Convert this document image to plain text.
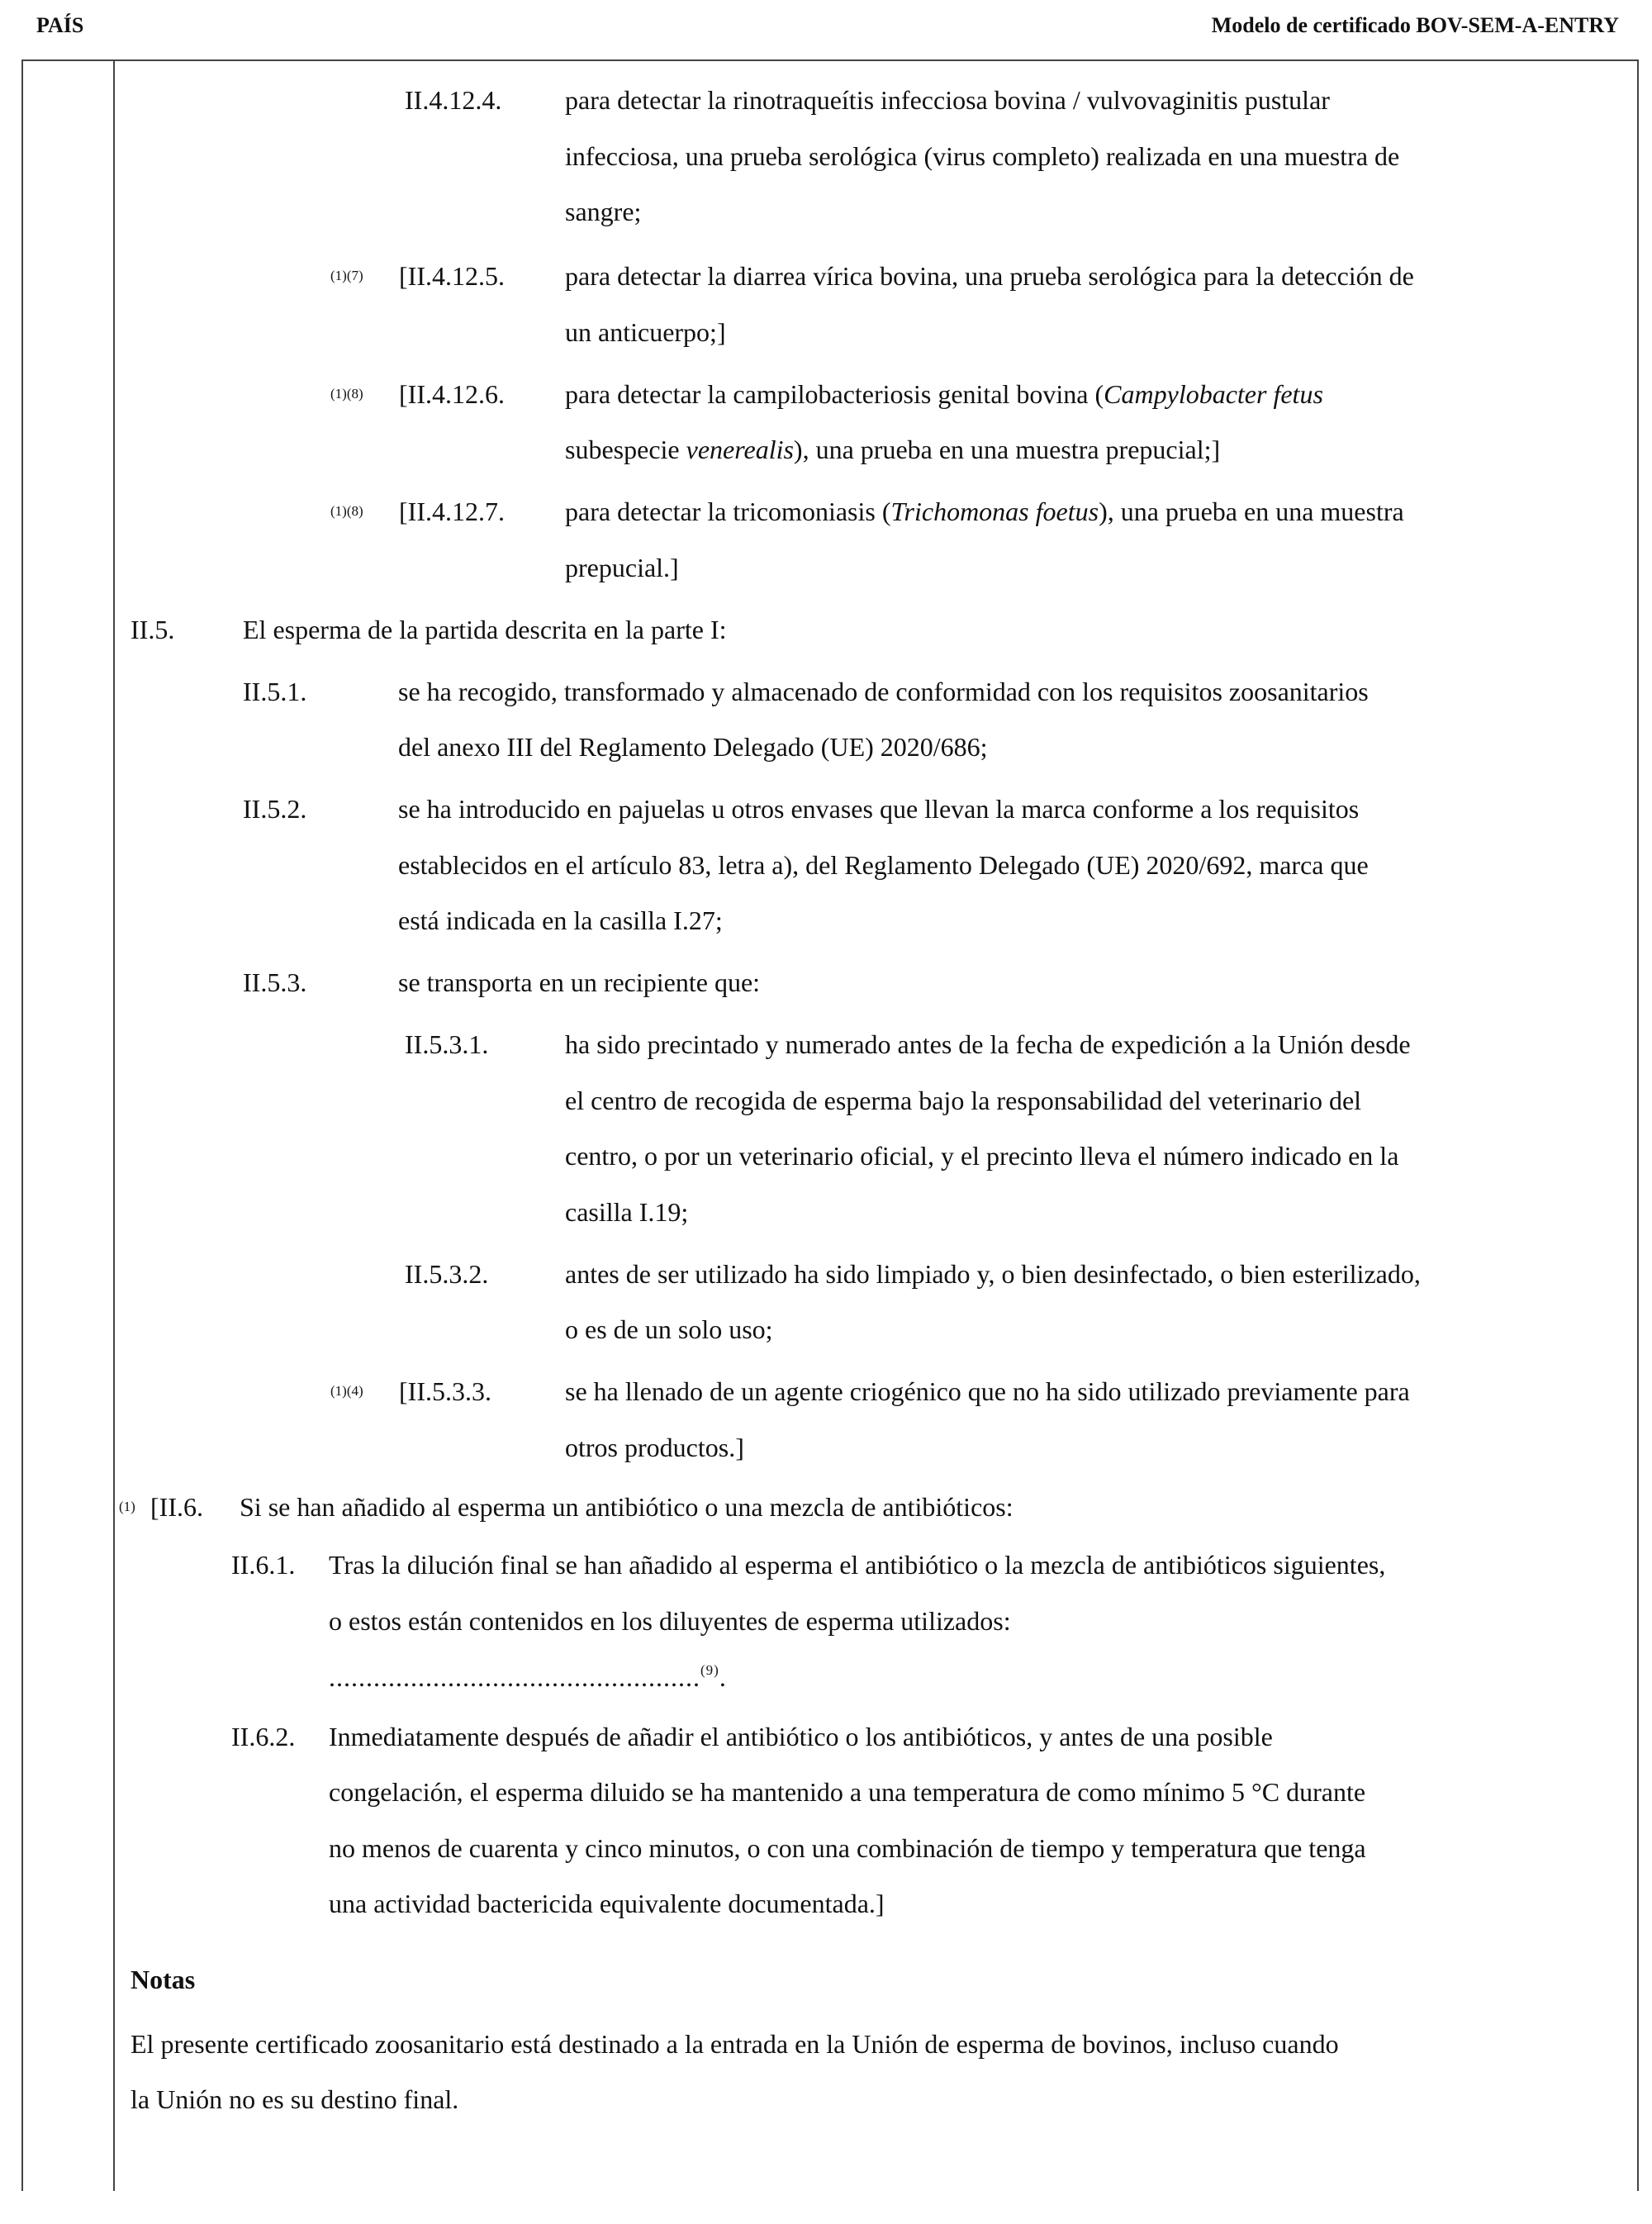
PAÍS	Modelo de certificado BOV-SEM-A-ENTRY
II.4.12.4. para detectar la rinotraqueítis infecciosa bovina / vulvovaginitis pustular
infecciosa, una prueba serológica (virus completo) realizada en una muestra de
sangre;
$^{(1)(7)}$ [II.4.12.5. para detectar la diarrea vírica bovina, una prueba serológica para la detección de
un anticuerpo;]
$^{(1)(8)}$ [II.4.12.6. para detectar la campilobacteriosis genital bovina (Campylobacter fetus
subespecie venerealis), una prueba en una muestra prepucial;]
$^{(1)(8)}$ [II.4.12.7. para detectar la tricomoniasis (Trichomonas foetus), una prueba en una muestra
prepucial.]
II.5.	El esperma de la partida descrita en la parte I:
II.5.1.	se ha recogido, transformado y almacenado de conformidad con los requisitos zoosanitarios
del anexo III del Reglamento Delegado (UE) 2020/686;
II.5.2.	se ha introducido en pajuelas u otros envases que llevan la marca conforme a los requisitos
establecidos en el artículo 83, letra a), del Reglamento Delegado (UE) 2020/692, marca que
está indicada en la casilla I.27;
II.5.3.	se transporta en un recipiente que:
II.5.3.1.	ha sido precintado y numerado antes de la fecha de expedición a la Unión desde
el centro de recogida de esperma bajo la responsabilidad del veterinario del
centro, o por un veterinario oficial, y el precinto lleva el número indicado en la
casilla I.19;
II.5.3.2.	antes de ser utilizado ha sido limpiado y, o bien desinfectado, o bien esterilizado,
o es de un solo uso;
$^{(1)(4)}$ [II.5.3.3.	se ha llenado de un agente criogénico que no ha sido utilizado previamente para
otros productos.]
$^{(1)}$ [II.6. Si se han añadido al esperma un antibiótico o una mezcla de antibióticos:
II.6.1. Tras la dilución final se han añadido al esperma el antibiótico o la mezcla de antibióticos siguientes,
o estos están contenidos en los diluyentes de esperma utilizados:
..................................................$^{(9)}$.
II.6.2. Inmediatamente después de añadir el antibiótico o los antibióticos, y antes de una posible
congelación, el esperma diluido se ha mantenido a una temperatura de como mínimo 5 °C durante
no menos de cuarenta y cinco minutos, o con una combinación de tiempo y temperatura que tenga
una actividad bactericida equivalente documentada.]
Notas
El presente certificado zoosanitario está destinado a la entrada en la Unión de esperma de bovinos, incluso cuando
la Unión no es su destino final.
